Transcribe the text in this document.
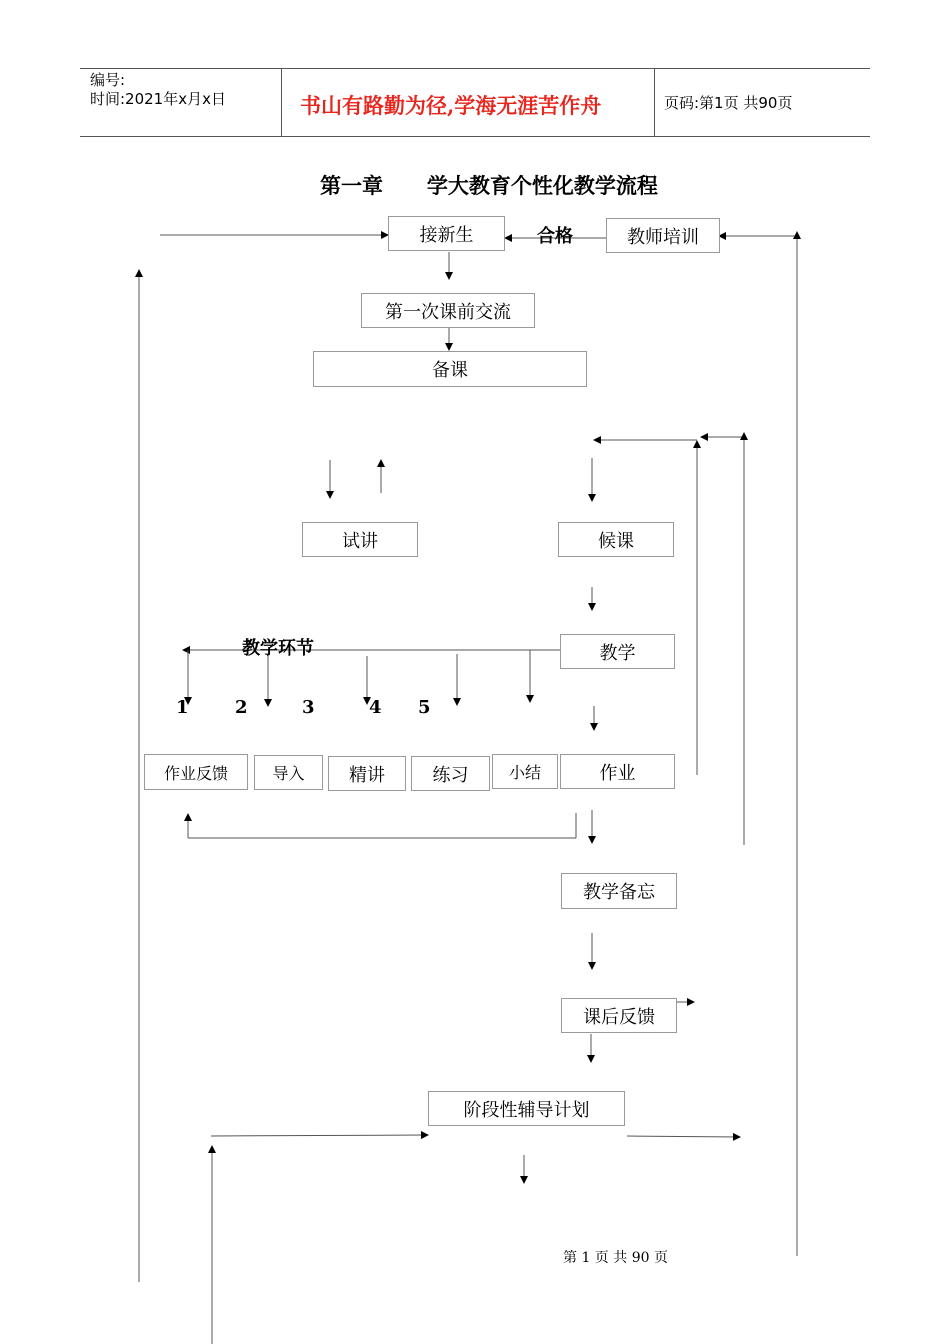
编号:
时间:2021年x月x日	书山有路勤为径,学海无涯苦作舟	页码:第1页 共90页
第一章      学大教育个性化教学流程
接新生	合格	教师培训
第一次课前交流
备课
试讲	候课
教学
教学环节
1	2	3	4 5
作业反馈	导入	精讲	练习	小结	作业
教学备忘
课后反馈
阶段性辅导计划
第 1 页 共 90 页
